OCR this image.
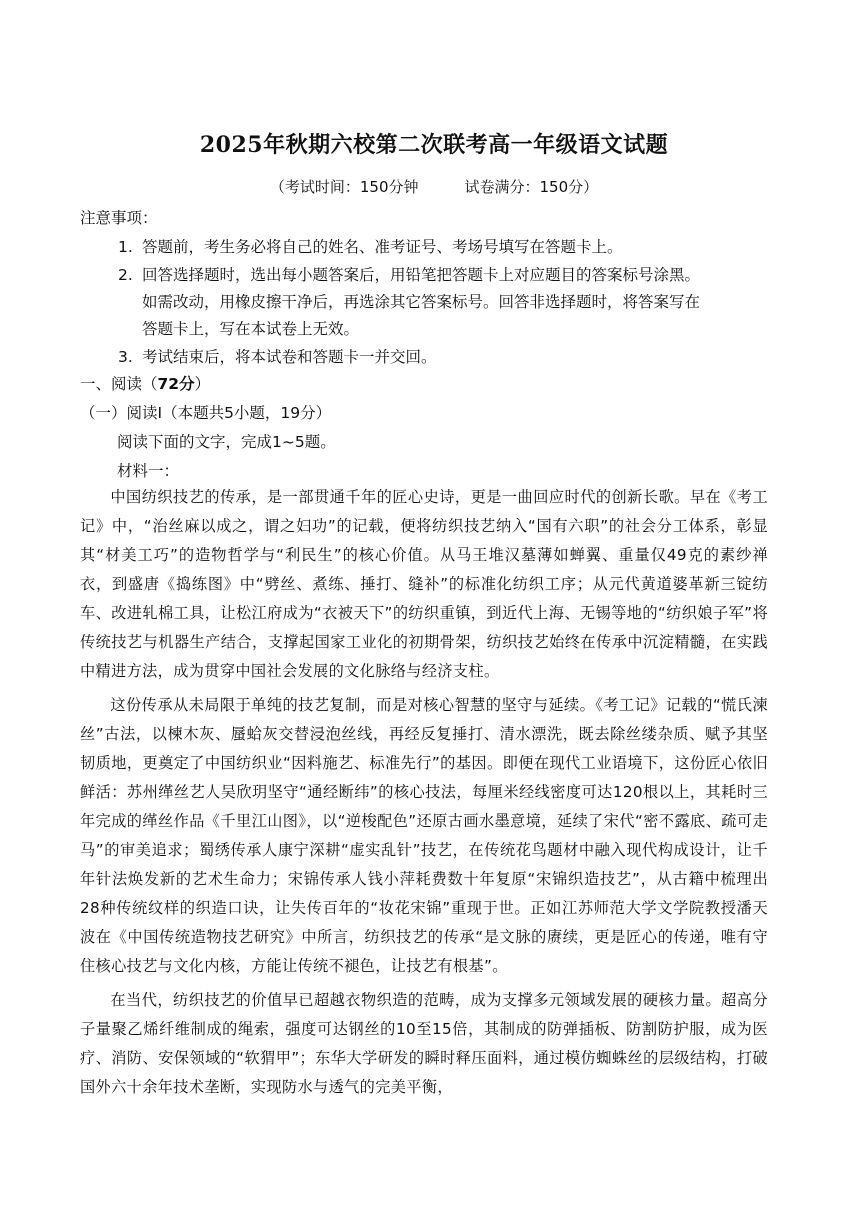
2025年秋期六校第二次联考高一年级语文试题
（考试时间：150分钟	试卷满分：150分）
注意事项：
1. 答题前，考生务必将自己的姓名、准考证号、考场号填写在答题卡上。
2. 回答选择题时，选出每小题答案后，用铅笔把答题卡上对应题目的答案标号涂黑。
如需改动，用橡皮擦干净后，再选涂其它答案标号。回答非选择题时，将答案写在
答题卡上，写在本试卷上无效。
3. 考试结束后，将本试卷和答题卡一并交回。
一、阅读（72分）
（一）阅读Ⅰ（本题共5小题，19分）
阅读下面的文字，完成1~5题。
材料一：

中国纺织技艺的传承，是一部贯通千年的匠心史诗，更是一曲回应时代的创新长歌。早在《考工记》中，“治丝麻以成之，谓之妇功”的记载，便将纺织技艺纳入“国有六职”的社会分工体系，彰显其“材美工巧”的造物哲学与“利民生”的核心价值。从马王堆汉墓薄如蝉翼、重量仅49克的素纱禅衣，到盛唐《捣练图》中“劈丝、煮练、捶打、缝补”的标准化纺织工序；从元代黄道婆革新三锭纺车、改进轧棉工具，让松江府成为“衣被天下”的纺织重镇，到近代上海、无锡等地的“纺织娘子军”将传统技艺与机器生产结合，支撑起国家工业化的初期骨架，纺织技艺始终在传承中沉淀精髓，在实践中精进方法，成为贯穿中国社会发展的文化脉络与经济支柱。

这份传承从未局限于单纯的技艺复制，而是对核心智慧的坚守与延续。《考工记》记载的“慌氏湅丝”古法，以楝木灰、蜃蛤灰交替浸泡丝线，再经反复捶打、清水漂洗，既去除丝缕杂质、赋予其坚韧质地，更奠定了中国纺织业“因料施艺、标准先行”的基因。即便在现代工业语境下，这份匠心依旧鲜活：苏州缂丝艺人吴欣玥坚守“通经断纬”的核心技法，每厘米经线密度可达120根以上，其耗时三年完成的缂丝作品《千里江山图》，以“逆梭配色”还原古画水墨意境，延续了宋代“密不露底、疏可走马”的审美追求；蜀绣传承人康宁深耕“虚实乱针”技艺，在传统花鸟题材中融入现代构成设计，让千年针法焕发新的艺术生命力；宋锦传承人钱小萍耗费数十年复原“宋锦织造技艺”，从古籍中梳理出28种传统纹样的织造口诀，让失传百年的“妆花宋锦”重现于世。正如江苏师范大学文学院教授潘天波在《中国传统造物技艺研究》中所言，纺织技艺的传承“是文脉的赓续，更是匠心的传递，唯有守住核心技艺与文化内核，方能让传统不褪色，让技艺有根基”。

在当代，纺织技艺的价值早已超越衣物织造的范畴，成为支撑多元领域发展的硬核力量。超高分子量聚乙烯纤维制成的绳索，强度可达钢丝的10至15倍，其制成的防弹插板、防割防护服，成为医疗、消防、安保领域的“软猬甲”；东华大学研发的瞬时释压面料，通过模仿蜘蛛丝的层级结构，打破国外六十余年技术垄断，实现防水与透气的完美平衡，
